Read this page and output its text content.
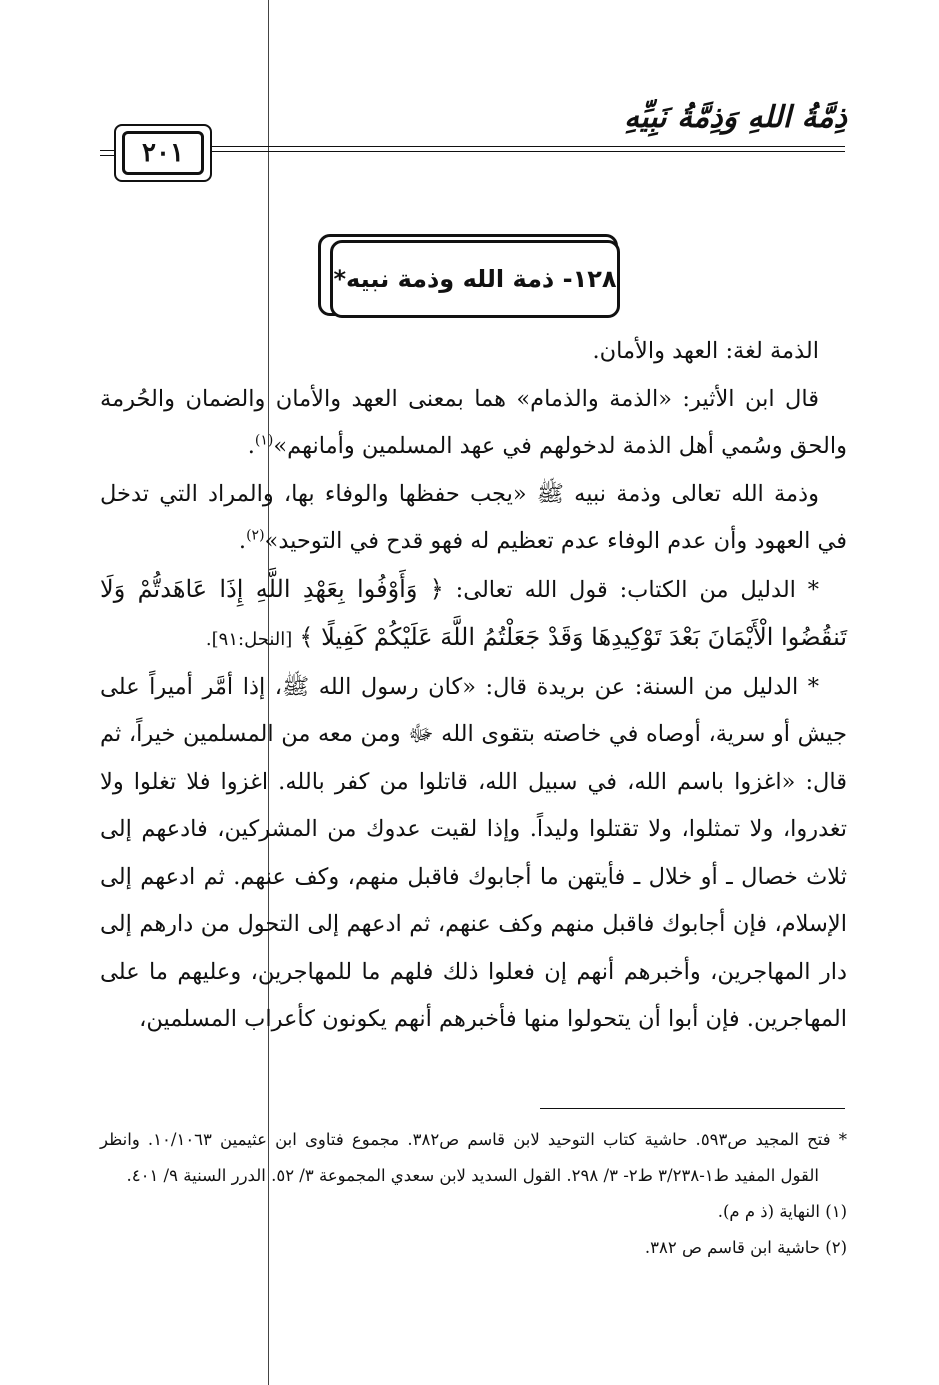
ذِمَّةُ اللهِ وَذِمَّةُ نَبِيِّهِ
٢٠١
١٢٨- ذمة الله وذمة نبيه*

الذمة لغة: العهد والأمان.

قال ابن الأثير: «الذمة والذمام» هما بمعنى العهد والأمان والضمان والحُرمة والحق وسُمي أهل الذمة لدخولهم في عهد المسلمين وأمانهم»$^{(١)}$.

وذمة الله تعالى وذمة نبيه ﷺ «يجب حفظها والوفاء بها، والمراد التي تدخل في العهود وأن عدم الوفاء عدم تعظيم له فهو قدح في التوحيد»$^{(٢)}$.

* الدليل من الكتاب: قول الله تعالى: ﴿ وَأَوْفُوا بِعَهْدِ اللَّهِ إِذَا عَاهَدتُّمْ وَلَا تَنقُضُوا الْأَيْمَانَ بَعْدَ تَوْكِيدِهَا وَقَدْ جَعَلْتُمُ اللَّهَ عَلَيْكُمْ كَفِيلًا ﴾ [النحل:٩١].

* الدليل من السنة: عن بريدة قال: «كان رسول الله ﷺ، إذا أمَّر أميراً على جيش أو سرية، أوصاه في خاصته بتقوى الله ﷻ ومن معه من المسلمين خيراً، ثم قال: «اغزوا باسم الله، في سبيل الله، قاتلوا من كفر بالله. اغزوا فلا تغلوا ولا تغدروا، ولا تمثلوا، ولا تقتلوا وليداً. وإذا لقيت عدوك من المشركين، فادعهم إلى ثلاث خصال ـ أو خلال ـ فأيتهن ما أجابوك فاقبل منهم، وكف عنهم. ثم ادعهم إلى الإسلام، فإن أجابوك فاقبل منهم وكف عنهم، ثم ادعهم إلى التحول من دارهم إلى دار المهاجرين، وأخبرهم أنهم إن فعلوا ذلك فلهم ما للمهاجرين، وعليهم ما على المهاجرين. فإن أبوا أن يتحولوا منها فأخبرهم أنهم يكونون كأعراب المسلمين،

* فتح المجيد ص٥٩٣. حاشية كتاب التوحيد لابن قاسم ص٣٨٢. مجموع فتاوى ابن عثيمين ١٠/١٠٦٣. وانظر القول المفيد ط١-٣/٢٣٨ ط٢- ٣/ ٢٩٨. القول السديد لابن سعدي المجموعة ٣/ ٥٢. الدرر السنية ٩/ ٤٠١.

(١) النهاية (ذ م م).

(٢) حاشية ابن قاسم ص ٣٨٢.
